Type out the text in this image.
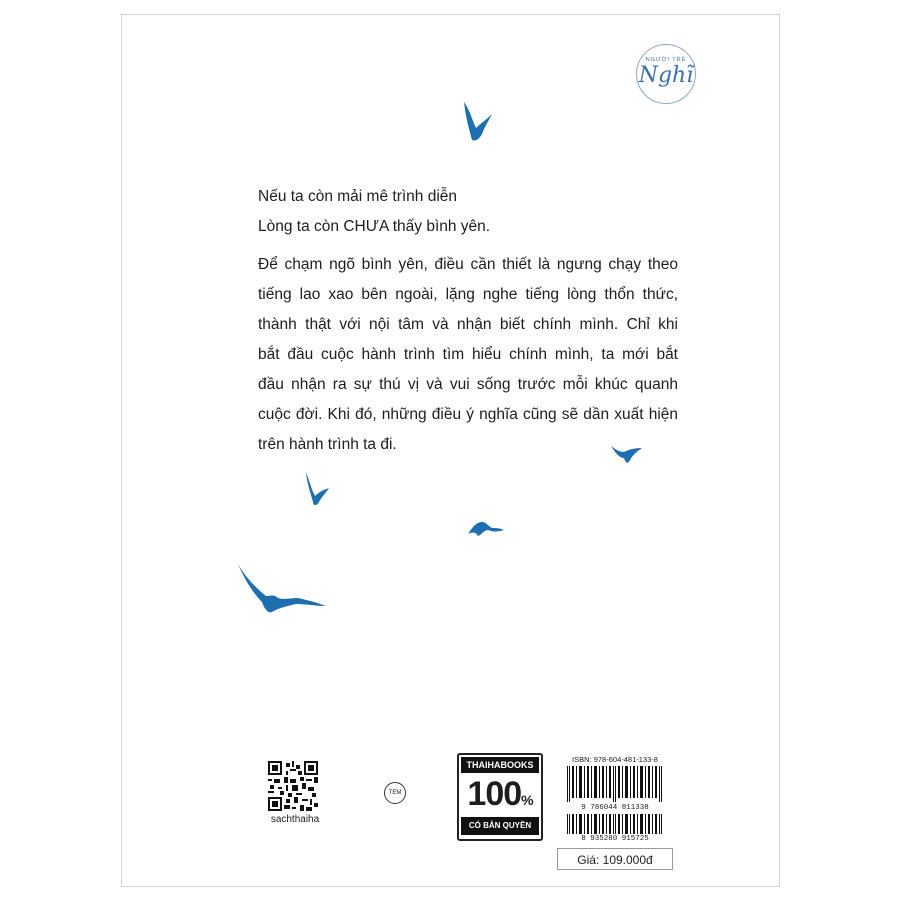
NGƯỜI TRẺ
Nghĩ
Nếu ta còn mải mê trình diễn
Lòng ta còn CHƯA thấy bình yên.
Để chạm ngõ bình yên, điều cần thiết là ngưng chạy theo
tiếng lao xao bên ngoài, lặng nghe tiếng lòng thổn thức,
thành thật với nội tâm và nhận biết chính mình. Chỉ khi
bắt đầu cuộc hành trình tìm hiểu chính mình, ta mới bắt
đầu nhận ra sự thú vị và vui sống trước mỗi khúc quanh
cuộc đời. Khi đó, những điều ý nghĩa cũng sẽ dần xuất hiện
trên hành trình ta đi.
sachthaiha
TEM
THAIHABOOKS
100%
CÓ BẢN QUYỀN
ISBN: 978-604-481-133-8
9 786044 811338
8 935280 915725
Giá: 109.000đ
